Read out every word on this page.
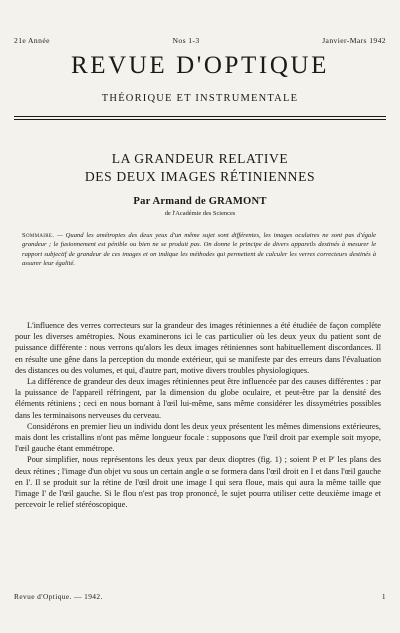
21e Année	Nos 1-3	Janvier-Mars 1942
REVUE D'OPTIQUE
THÉORIQUE ET INSTRUMENTALE
LA GRANDEUR RELATIVE
DES DEUX IMAGES RÉTINIENNES
Par Armand de GRAMONT
de l'Académie des Sciences
Sommaire. — Quand les amétropies des deux yeux d'un même sujet sont différentes, les images oculaires ne sont pas d'égale grandeur ; le fusionnement est pénible ou bien ne se produit pas. On donne le principe de divers appareils destinés à mesurer le rapport subjectif de grandeur de ces images et on indique les méthodes qui permettent de calculer les verres correcteurs destinés à assurer leur égalité.

L'influence des verres correcteurs sur la grandeur des images rétiniennes a été étudiée de façon complète pour les diverses amétropies. Nous examinerons ici le cas particulier où les deux yeux du patient sont de puissance différente : nous verrons qu'alors les deux images rétiniennes sont habituellement discordances. Il en résulte une gêne dans la perception du monde extérieur, qui se manifeste par des erreurs dans l'évaluation des distances ou des volumes, et qui, d'autre part, motive divers troubles physiologiques.

La différence de grandeur des deux images rétiniennes peut être influencée par des causes différentes : par la puissance de l'appareil réfringent, par la dimension du globe oculaire, et peut-être par la densité des éléments rétiniens ; ceci en nous bornant à l'œil lui-même, sans même considérer les dissymétries possibles dans les terminaisons nerveuses du cerveau.

Considérons en premier lieu un individu dont les deux yeux présentent les mêmes dimensions extérieures, mais dont les cristallins n'ont pas même longueur focale : supposons que l'œil droit par exemple soit myope, l'œil gauche étant emmétrope.

Pour simplifier, nous représentons les deux yeux par deux dioptres (fig. 1) ; soient P et P' les plans des deux rétines ; l'image d'un objet vu sous un certain angle α se formera dans l'œil droit en I et dans l'œil gauche en I'. Il se produit sur la rétine de l'œil droit une image I qui sera floue, mais qui aura la même taille que l'image I' de l'œil gauche. Si le flou n'est pas trop prononcé, le sujet pourra utiliser cette deuxième image et percevoir le relief stéréoscopique.

Revue d'Optique. — 1942.	1
